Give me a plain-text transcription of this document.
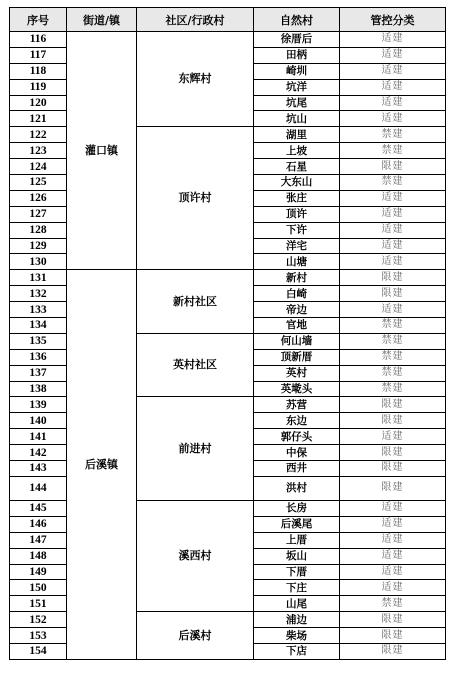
序号	街道/镇	社区/行政村	自然村	管控分类
116	灌口镇	东辉村	徐厝后	适建
117			田柄	适建
118			崎圳	适建
119			坑洋	适建
120			坑尾	适建
121			坑山	适建
122		顶许村	湖里	禁建
123			上坡	禁建
124			石星	限建
125			大东山	禁建
126			张庄	适建
127			顶许	适建
128			下许	适建
129			洋宅	适建
130			山塘	适建
131	后溪镇	新村社区	新村	限建
132			白崎	限建
133			帝边	适建
134			官地	禁建
135		英村社区	何山墙	禁建
136			顶新厝	禁建
137			英村	禁建
138			英墘头	禁建
139		前进村	苏营	限建
140			东边	限建
141			郭仔头	适建
142			中保	限建
143			西井	限建
144			洪村	限建
145		溪西村	长房	适建
146			后溪尾	适建
147			上厝	适建
148			坂山	适建
149			下厝	适建
150			下庄	适建
151			山尾	禁建
152		后溪村	浦边	限建
153			柴场	限建
154			下店	限建
